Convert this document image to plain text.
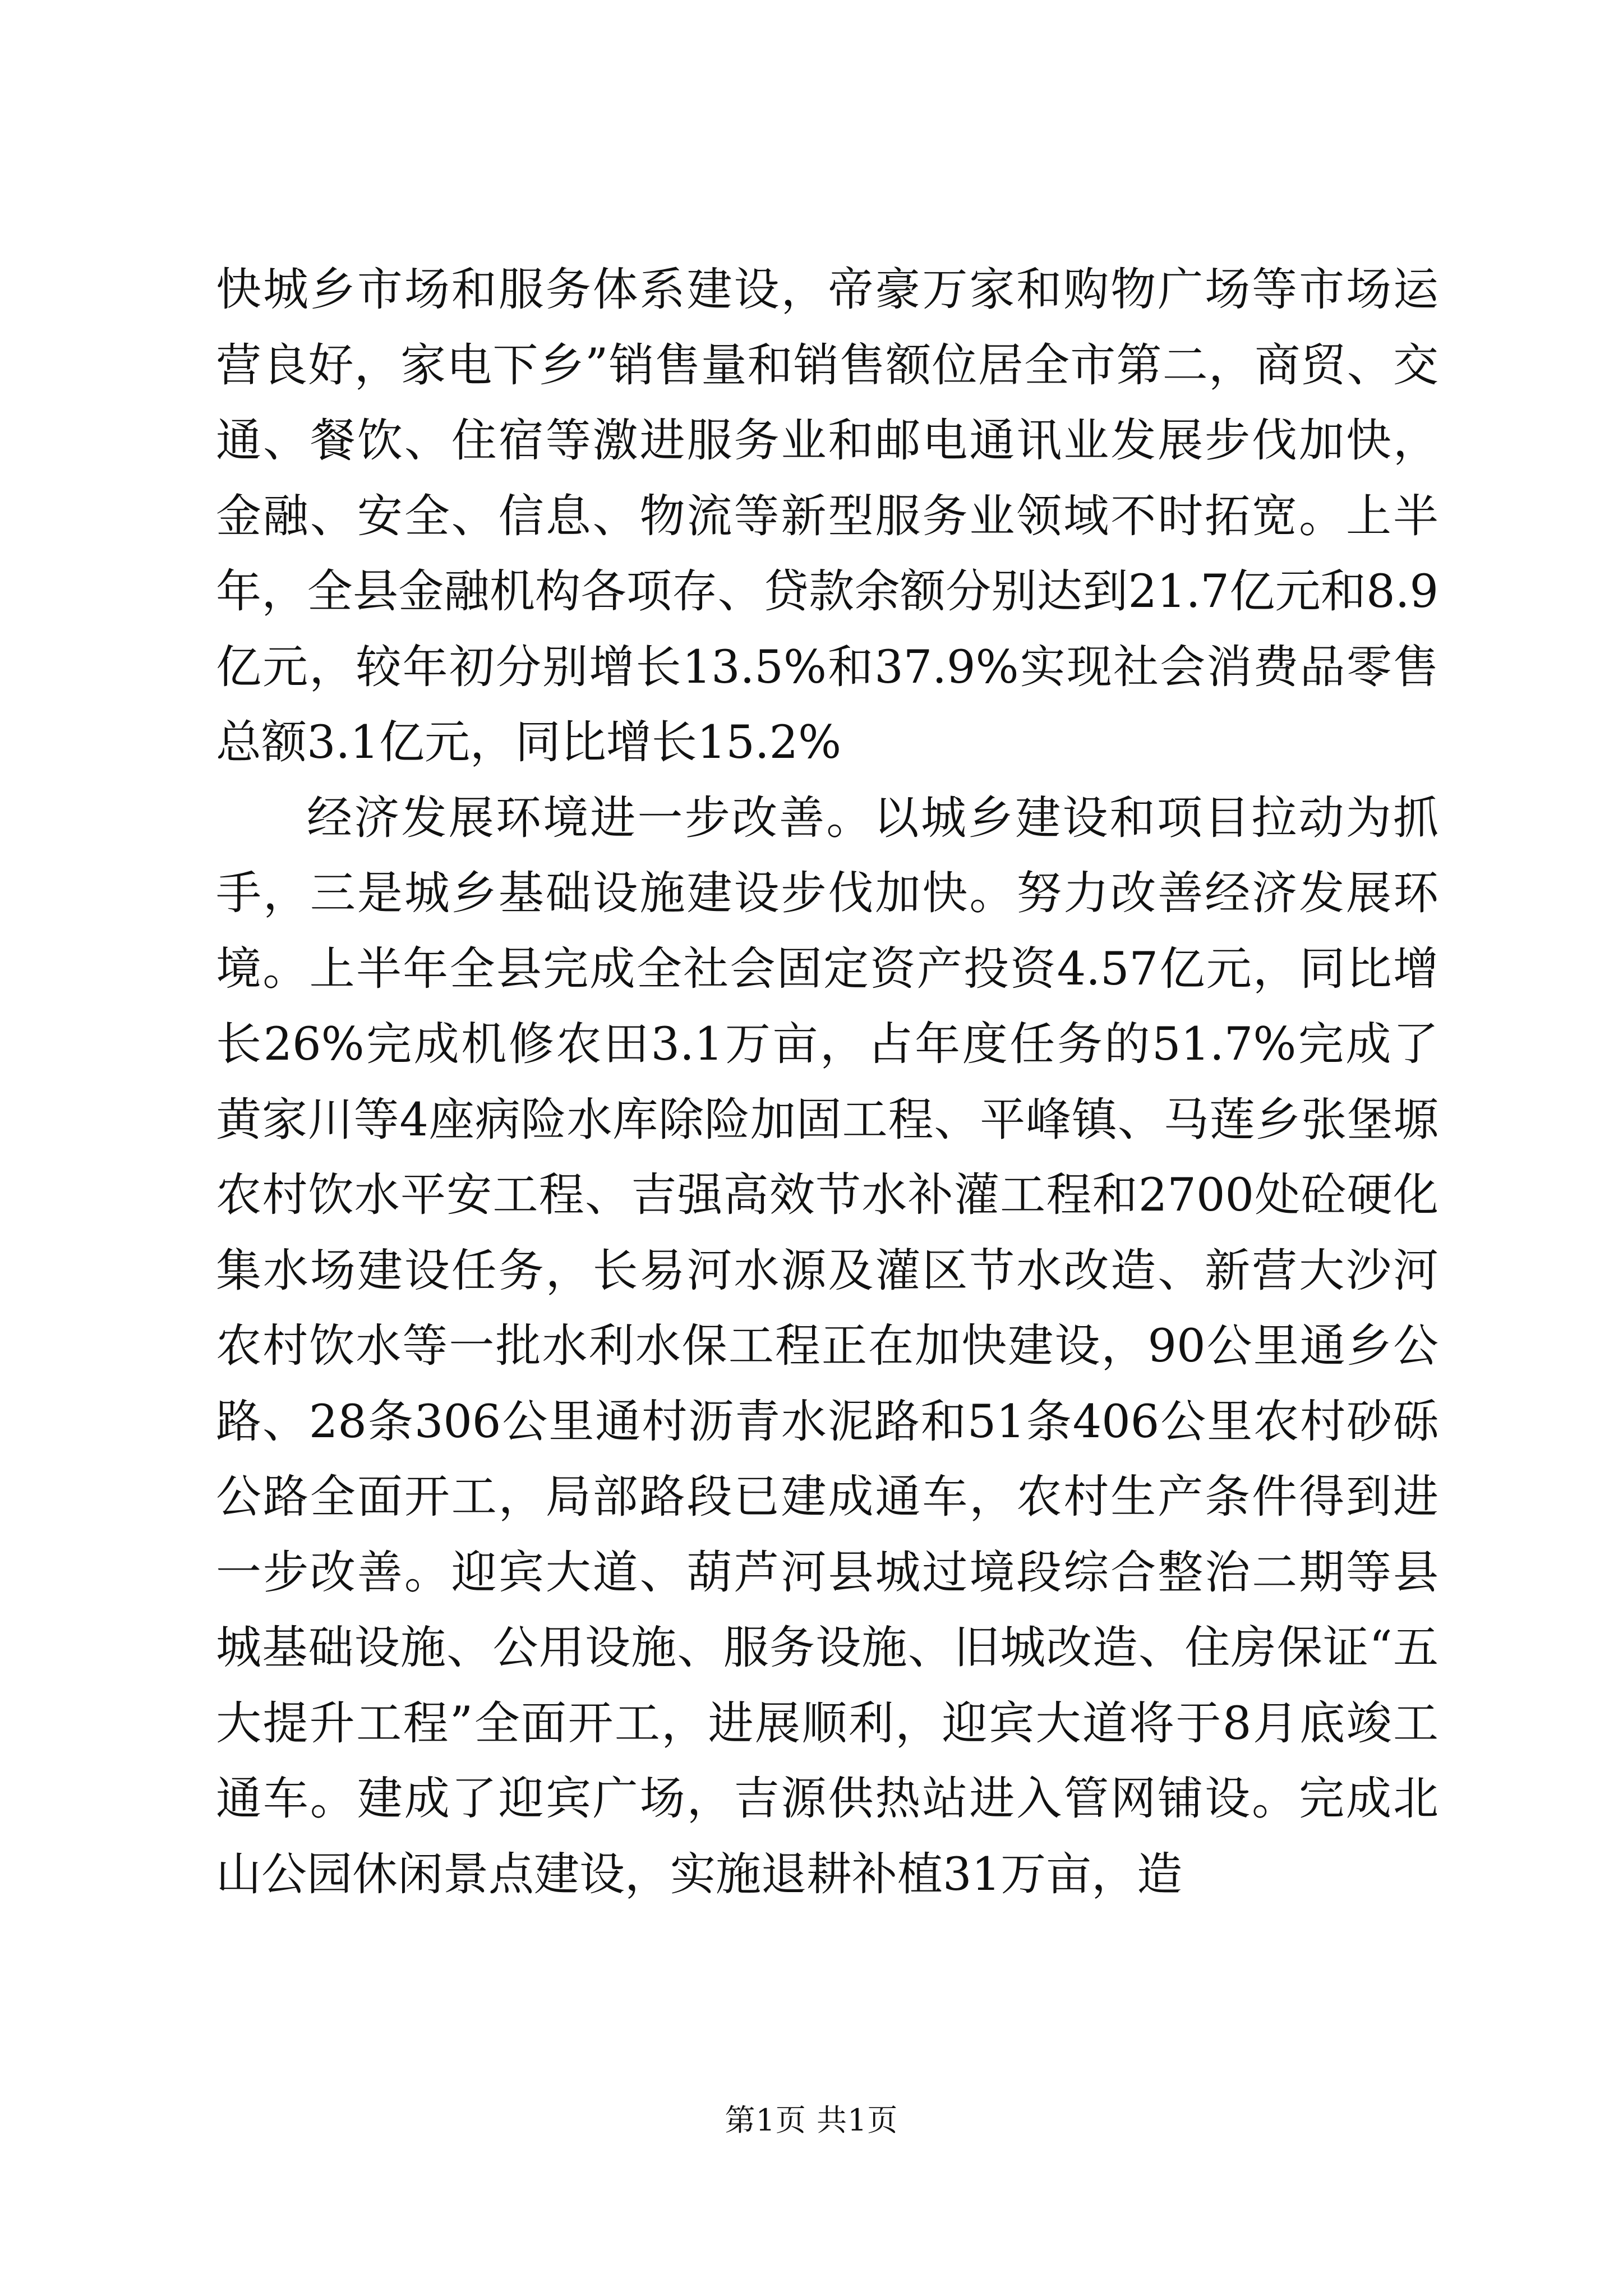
快城乡市场和服务体系建设，帝豪万家和购物广场等市场运营良好，家电下乡”销售量和销售额位居全市第二，商贸、交通、餐饮、住宿等激进服务业和邮电通讯业发展步伐加快，金融、安全、信息、物流等新型服务业领域不时拓宽。上半年，全县金融机构各项存、贷款余额分别达到21.7亿元和8.9亿元，较年初分别增长13.5%和37.9%实现社会消费品零售总额3.1亿元，同比增长15.2%

经济发展环境进一步改善。以城乡建设和项目拉动为抓手，三是城乡基础设施建设步伐加快。努力改善经济发展环境。上半年全县完成全社会固定资产投资4.57亿元，同比增长26%完成机修农田3.1万亩，占年度任务的51.7%完成了黄家川等4座病险水库除险加固工程、平峰镇、马莲乡张堡塬农村饮水平安工程、吉强高效节水补灌工程和2700处砼硬化集水场建设任务，长易河水源及灌区节水改造、新营大沙河农村饮水等一批水利水保工程正在加快建设，90公里通乡公路、28条306公里通村沥青水泥路和51条406公里农村砂砾公路全面开工，局部路段已建成通车，农村生产条件得到进一步改善。迎宾大道、葫芦河县城过境段综合整治二期等县城基础设施、公用设施、服务设施、旧城改造、住房保证“五大提升工程”全面开工，进展顺利，迎宾大道将于8月底竣工通车。建成了迎宾广场，吉源供热站进入管网铺设。完成北山公园休闲景点建设，实施退耕补植31万亩，造

第1页 共1页
